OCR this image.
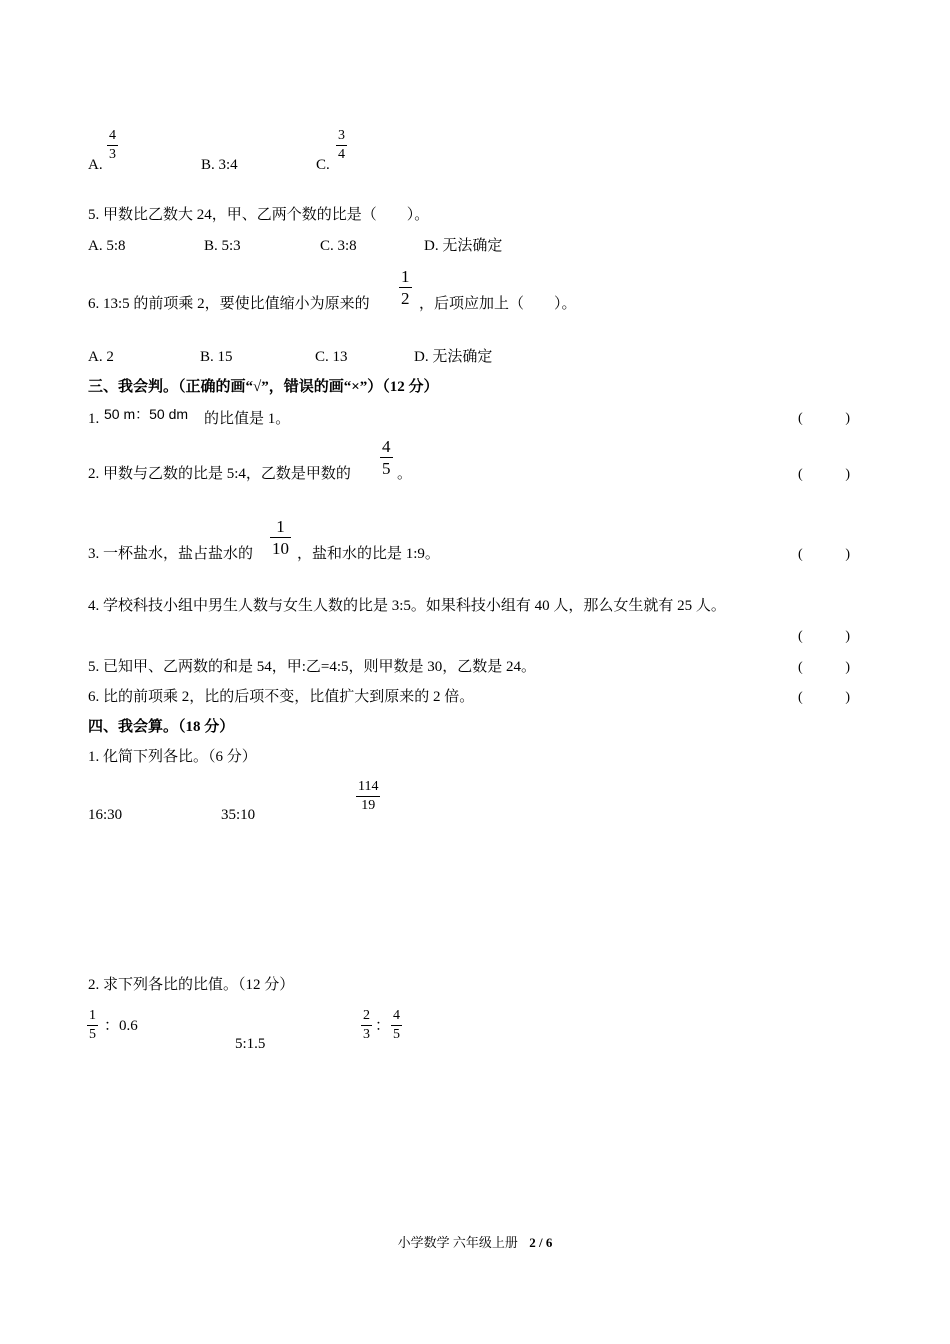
A.
4
3
B. 3:4	C.
3
4
5. 甲数比乙数大 24，甲、乙两个数的比是（　　）。
A. 5:8	B. 5:3	C. 3:8	D. 无法确定
6. 13:5 的前项乘 2，要使比值缩小为原来的
1
2 ，后项应加上（　　）。
A. 2	B. 15	C. 13	D. 无法确定
三、我会判。（正确的画“√”，错误的画“×”）（12 分）
1. 50 m：50 dm 的比值是 1。	(	)
2. 甲数与乙数的比是 5:4，乙数是甲数的
4
5 。	(	)
3. 一杯盐水，盐占盐水的
1
10 ，盐和水的比是 1:9。	(	)
4. 学校科技小组中男生人数与女生人数的比是 3:5。如果科技小组有 40 人，那么女生就有 25 人。
(	)
5. 已知甲、乙两数的和是 54，甲:乙=4:5，则甲数是 30，乙数是 24。	(	)
6. 比的前项乘 2，比的后项不变，比值扩大到原来的 2 倍。	(	)
四、我会算。（18 分）
1. 化简下列各比。（6 分）
16:30	35:10
114
19
2. 求下列各比的比值。（12 分）
1
5
：0.6
5:1.5
2
3
：
4
5
小学数学 六年级上册 2 / 6
